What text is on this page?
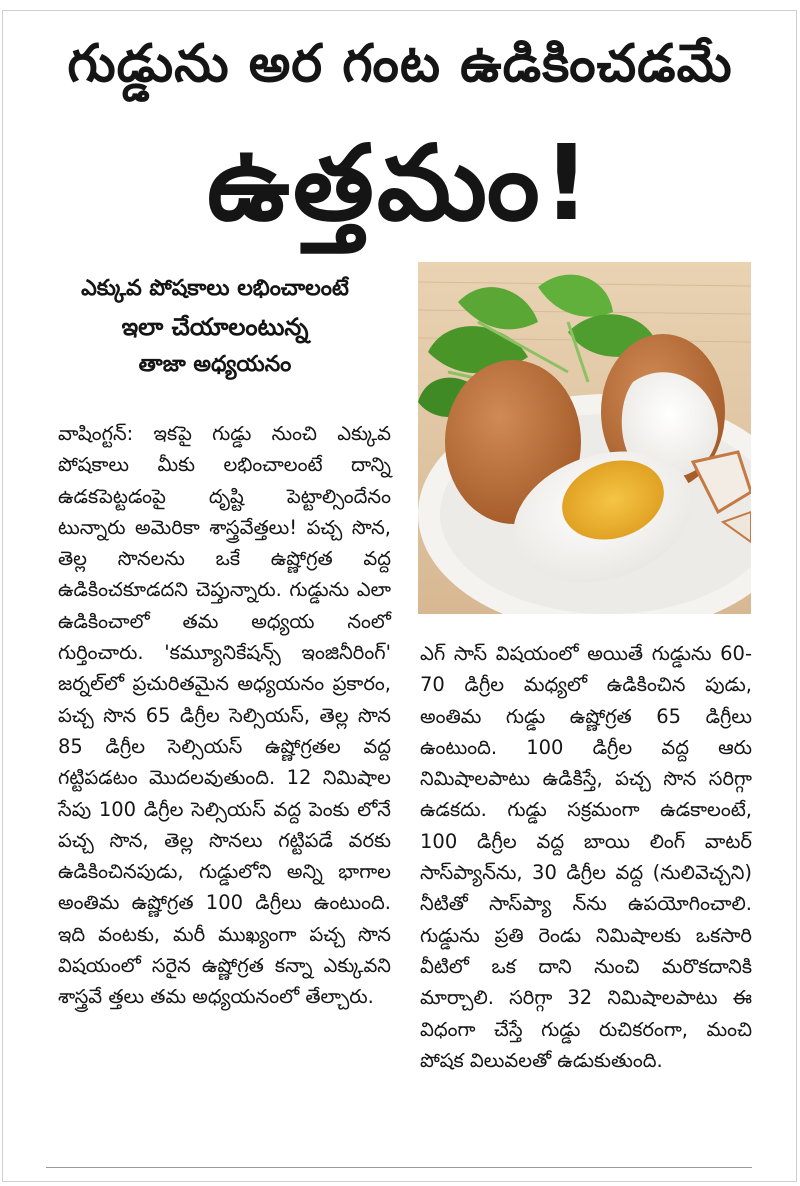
గుడ్డును అర గంట ఉడికించడమే
ఉత్తమం!
ఎక్కువ పోషకాలు లభించాలంటే
ఇలా చేయాలంటున్న
తాజా అధ్యయనం
వాషింగ్టన్: ఇకపై గుడ్డు నుంచి ఎక్కువ పోషకాలు మీకు లభించాలంటే దాన్ని ఉడకపెట్టడంపై దృష్టి పెట్టాల్సిందేనం టున్నారు అమెరికా శాస్త్రవేత్తలు! పచ్చ సొన, తెల్ల సొనలను ఒకే ఉష్ణోగ్రత వద్ద ఉడికించకూడదని చెప్తున్నారు. గుడ్డును ఎలా ఉడికించాలో తమ అధ్యయ నంలో గుర్తించారు. 'కమ్యూనికేషన్స్ ఇంజినీరింగ్' జర్నల్‌లో ప్రచురితమైన అధ్యయనం ప్రకారం, పచ్చ సొన 65 డిగ్రీల సెల్సియస్, తెల్ల సొన 85 డిగ్రీల సెల్సియస్ ఉష్ణోగ్రతల వద్ద గట్టిపడటం మొదలవుతుంది. 12 నిమిషాల సేపు 100 డిగ్రీల సెల్సియస్ వద్ద పెంకు లోనే పచ్చ సొన, తెల్ల సొనలు గట్టిపడే వరకు ఉడికించినపుడు, గుడ్డులోని అన్ని భాగాల అంతిమ ఉష్ణోగ్రత 100 డిగ్రీలు ఉంటుంది. ఇది వంటకు, మరీ ముఖ్యంగా పచ్చ సొన విషయంలో సరైన ఉష్ణోగ్రత కన్నా ఎక్కువని శాస్త్రవే త్తలు తమ అధ్యయనంలో తేల్చారు.
ఎగ్ సాస్ విషయంలో అయితే గుడ్డును 60-70 డిగ్రీల మధ్యలో ఉడికించిన పుడు, అంతిమ గుడ్డు ఉష్ణోగ్రత 65 డిగ్రీలు ఉంటుంది. 100 డిగ్రీల వద్ద ఆరు నిమిషాలపాటు ఉడికిస్తే, పచ్చ సొన సరిగ్గా ఉడకదు. గుడ్డు సక్రమంగా ఉడకాలంటే, 100 డిగ్రీల వద్ద బాయి లింగ్ వాటర్ సాస్‌ప్యాన్‌ను, 30 డిగ్రీల వద్ద (నులివెచ్చని) నీటితో సాస్‌ప్యా న్‌ను ఉపయోగించాలి. గుడ్డును ప్రతి రెండు నిమిషాలకు ఒకసారి వీటిలో ఒక దాని నుంచి మరొకదానికి మార్చాలి. సరిగ్గా 32 నిమిషాలపాటు ఈ విధంగా చేస్తే గుడ్డు రుచికరంగా, మంచి పోషక విలువలతో ఉడుకుతుంది.
